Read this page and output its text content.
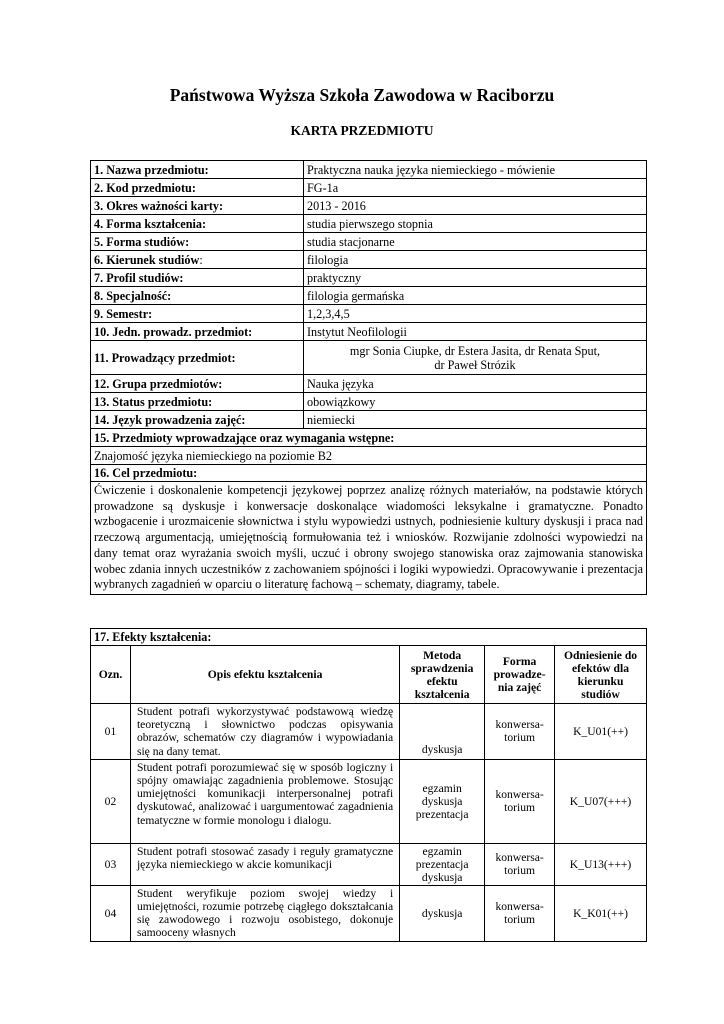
Państwowa Wyższa Szkoła Zawodowa w Raciborzu
KARTA PRZEDMIOTU
1. Nazwa przedmiotu:	Praktyczna nauka języka niemieckiego - mówienie
2. Kod przedmiotu:	FG-1a
3. Okres ważności karty:	2013 - 2016
4. Forma kształcenia:	studia pierwszego stopnia
5. Forma studiów:	studia stacjonarne
6. Kierunek studiów:	filologia
7. Profil studiów:	praktyczny
8. Specjalność:	filologia germańska
9. Semestr:	1,2,3,4,5
10. Jedn. prowadz. przedmiot:	Instytut Neofilologii
11. Prowadzący przedmiot:	mgr Sonia Ciupke, dr Estera Jasita, dr Renata Sput,
dr Paweł Strózik

12. Grupa przedmiotów:	Nauka języka
13. Status przedmiotu:	obowiązkowy
14. Język prowadzenia zajęć:	niemiecki
15. Przedmioty wprowadzające oraz wymagania wstępne:	
Znajomość języka niemieckiego na poziomie B2	
16. Cel przedmiotu:	
Ćwiczenie i doskonalenie kompetencji językowej poprzez analizę różnych materiałów, na podstawie których prowadzone są dyskusje i konwersacje doskonalące wiadomości leksykalne i gramatyczne. Ponadto wzbogacenie i urozmaicenie słownictwa i stylu wypowiedzi ustnych, podniesienie kultury dyskusji i praca nad rzeczową argumentacją, umiejętnością formułowania też i wniosków. Rozwijanie zdolności wypowiedzi na dany temat oraz wyrażania swoich myśli, uczuć i obrony swojego stanowiska oraz zajmowania stanowiska wobec zdania innych uczestników z zachowaniem spójności i logiki wypowiedzi. Opracowywanie i prezentacja wybranych zagadnień w oparciu o literaturę fachową – schematy, diagramy, tabele.	
17. Efekty kształcenia:				
Ozn.	Opis efektu kształcenia	Metoda sprawdzenia efektu kształcenia	Forma prowadze-nia zajęć	Odniesienie do efektów dla kierunku studiów
01	Student potrafi wykorzystywać podstawową wiedzę teoretyczną i słownictwo podczas opisywania obrazów, schematów czy diagramów i wypowiadania się na dany temat.	dyskusja	konwersa-torium	K_U01(++)
02	Student potrafi porozumiewać się w sposób logiczny i spójny omawiając zagadnienia problemowe. Stosując umiejętności komunikacji interpersonalnej potrafi dyskutować, analizować i uargumentować zagadnienia tematyczne w formie monologu i dialogu.	egzamin dyskusja prezentacja	konwersa-torium	K_U07(+++)
03	Student potrafi stosować zasady i reguły gramatyczne języka niemieckiego w akcie komunikacji	egzamin prezentacja dyskusja	konwersa-torium	K_U13(+++)
04	Student weryfikuje poziom swojej wiedzy i umiejętności, rozumie potrzebę ciągłego dokształcania się zawodowego i rozwoju osobistego, dokonuje samooceny własnych	dyskusja	konwersa-torium	K_K01(++)
